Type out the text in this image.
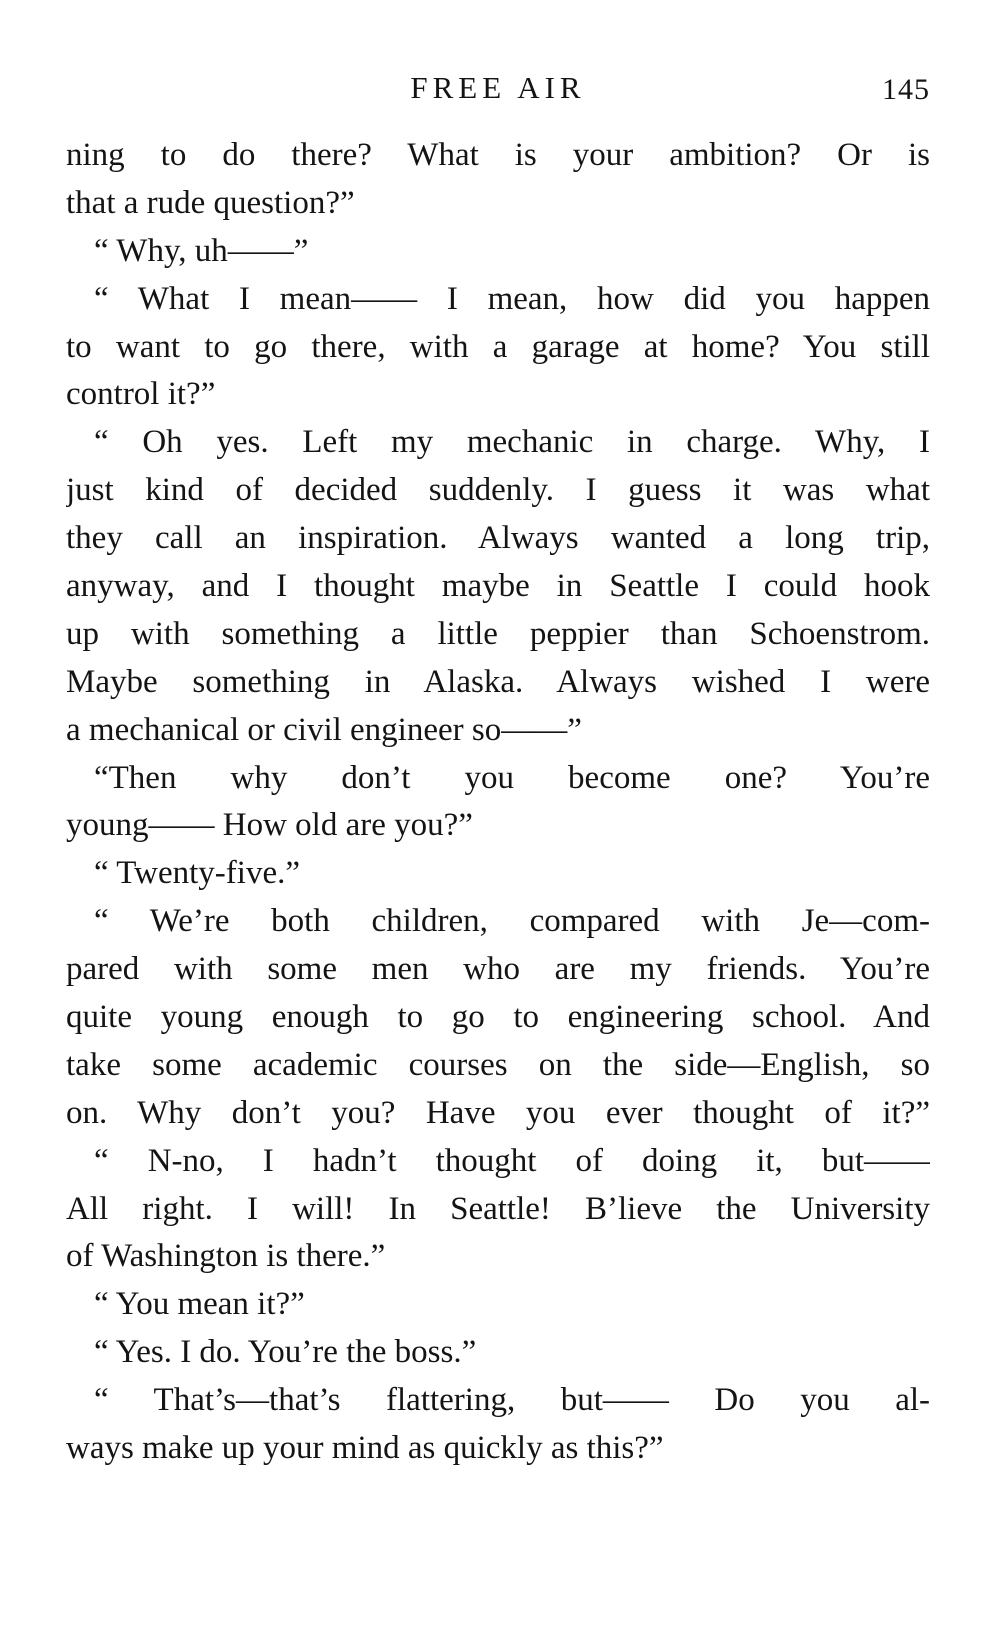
FREE AIR	145
ning to do there? What is your ambition? Or is
that a rude question?”
“ Why, uh——”
“ What I mean—— I mean, how did you happen
to want to go there, with a garage at home? You still
control it?”
“ Oh yes. Left my mechanic in charge. Why, I
just kind of decided suddenly. I guess it was what
they call an inspiration. Always wanted a long trip,
anyway, and I thought maybe in Seattle I could hook
up with something a little peppier than Schoenstrom.
Maybe something in Alaska. Always wished I were
a mechanical or civil engineer so——”
“Then why don’t you become one? You’re
young—— How old are you?”
“ Twenty-five.”
“ We’re both children, compared with Je—com-
pared with some men who are my friends. You’re
quite young enough to go to engineering school. And
take some academic courses on the side—English, so
on. Why don’t you? Have you ever thought of it?”
“ N-no, I hadn’t thought of doing it, but——
All right. I will! In Seattle! B’lieve the University
of Washington is there.”
“ You mean it?”
“ Yes. I do. You’re the boss.”
“ That’s—that’s flattering, but—— Do you al-
ways make up your mind as quickly as this?”
